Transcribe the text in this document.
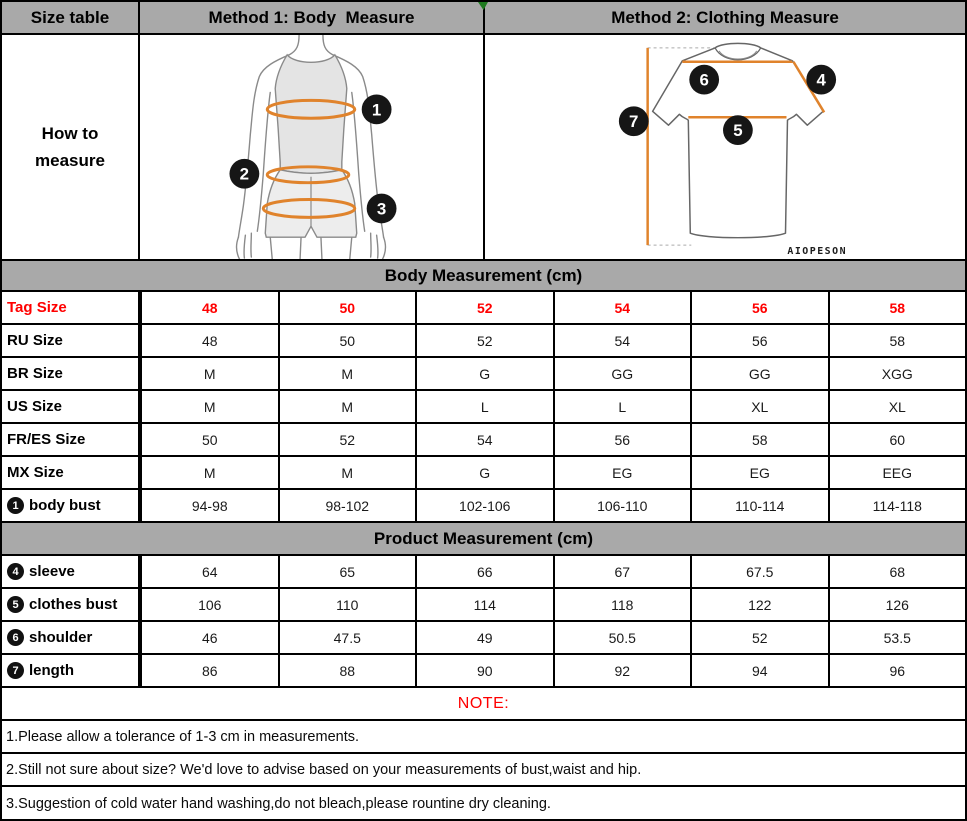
Size table	Method 1: Body  Measure	Method 2: Clothing Measure
How to
measure
1
2
3
6	4
7	5
AIOPESON
Body Measurement (cm)
Tag Size	48	50	52	54	56	58
RU Size	48	50	52	54	56	58
BR Size	M	M	G	GG	GG	XGG
US Size	M	M	L	L	XL	XL
FR/ES Size	50	52	54	56	58	60
MX Size	M	M	G	EG	EG	EEG
1 body bust	94-98	98-102	102-106	106-110	110-114	114-118
Product Measurement (cm)
4 sleeve	64	65	66	67	67.5	68
5 clothes bust	106	110	114	118	122	126
6 shoulder	46	47.5	49	50.5	52	53.5
7 length	86	88	90	92	94	96
NOTE:
1.Please allow a tolerance of 1-3 cm in measurements.
2.Still not sure about size? We'd love to advise based on your measurements of bust,waist and hip.
3.Suggestion of cold water hand washing,do not bleach,please rountine dry cleaning.
